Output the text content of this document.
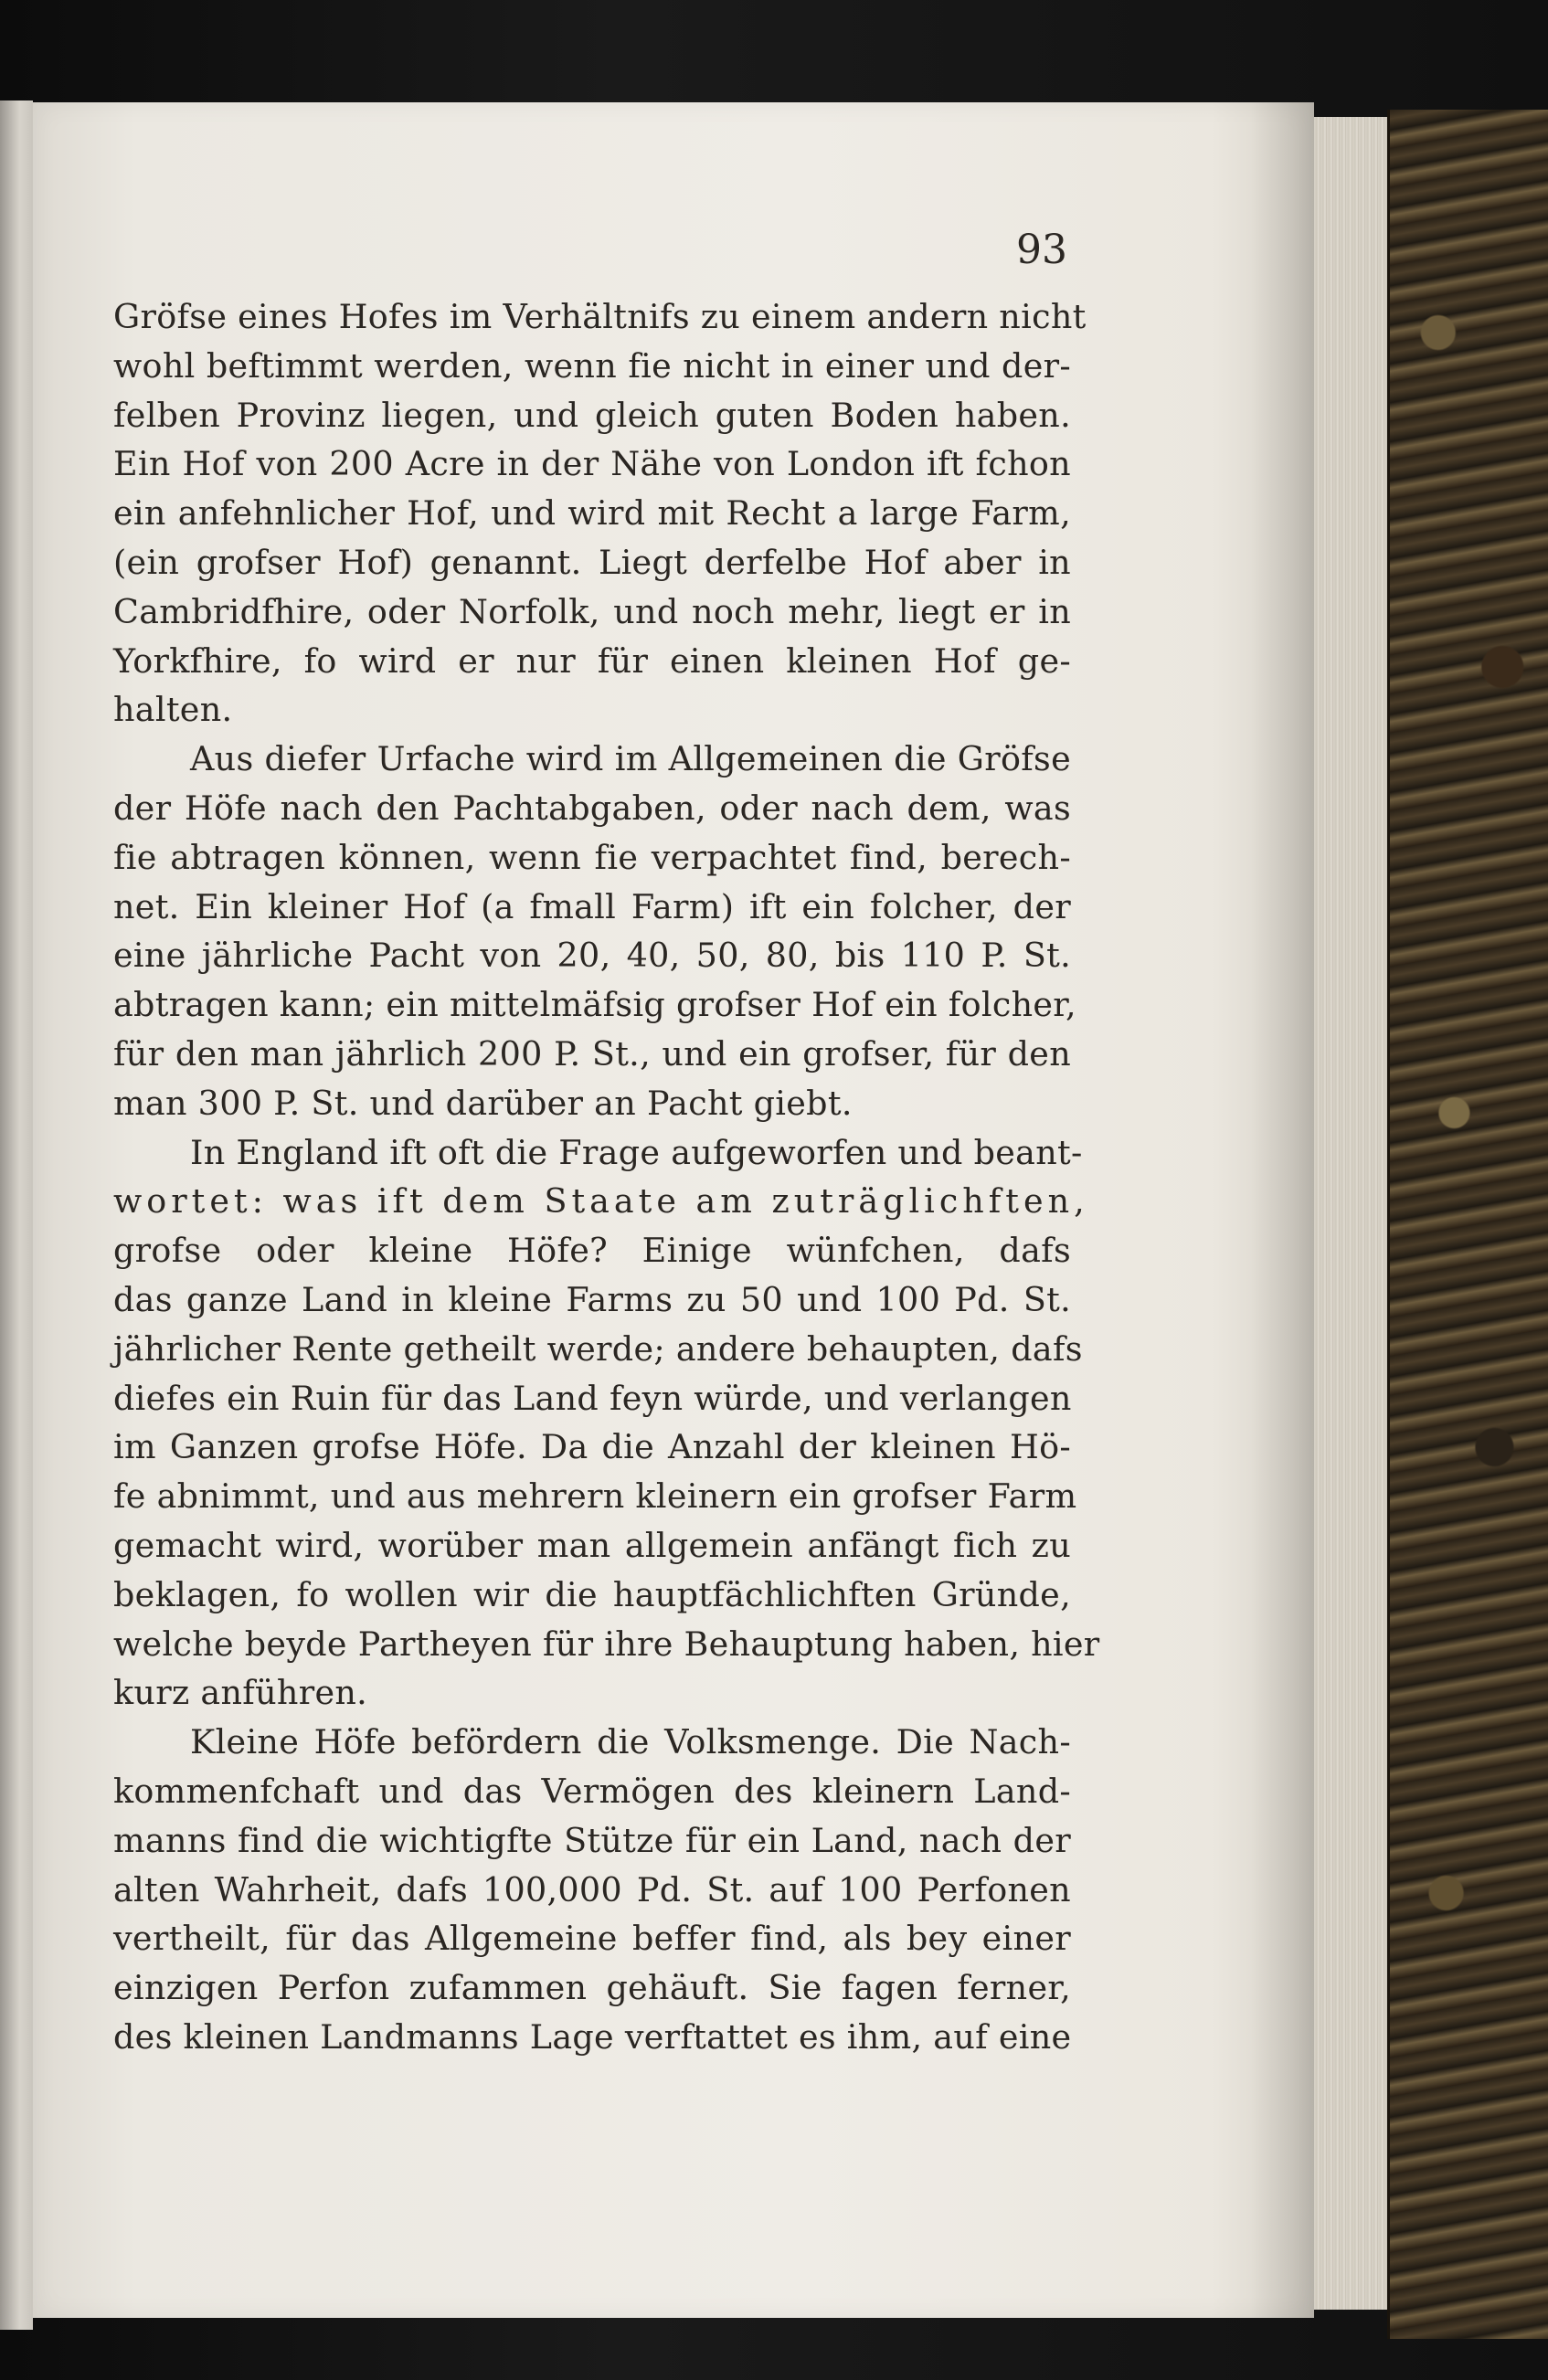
93
Gröfse eines Hofes im Verhältnifs zu einem andern nicht
wohl beftimmt werden, wenn fie nicht in einer und der-
felben Provinz liegen, und gleich guten Boden haben.
Ein Hof von 200 Acre in der Nähe von London ift fchon
ein anfehnlicher Hof, und wird mit Recht a large Farm,
(ein grofser Hof) genannt. Liegt derfelbe Hof aber in
Cambridfhire, oder Norfolk, und noch mehr, liegt er in
Yorkfhire, fo wird er nur für einen kleinen Hof ge-
halten.
Aus diefer Urfache wird im Allgemeinen die Gröfse
der Höfe nach den Pachtabgaben, oder nach dem, was
fie abtragen können, wenn fie verpachtet find, berech-
net. Ein kleiner Hof (a fmall Farm) ift ein folcher, der
eine jährliche Pacht von 20, 40, 50, 80, bis 110 P. St.
abtragen kann; ein mittelmäfsig grofser Hof ein folcher,
für den man jährlich 200 P. St., und ein grofser, für den
man 300 P. St. und darüber an Pacht giebt.
In England ift oft die Frage aufgeworfen und beant-
wortet: was ift dem Staate am zuträglichften,
grofse oder kleine Höfe? Einige wünfchen, dafs
das ganze Land in kleine Farms zu 50 und 100 Pd. St.
jährlicher Rente getheilt werde; andere behaupten, dafs
diefes ein Ruin für das Land feyn würde, und verlangen
im Ganzen grofse Höfe. Da die Anzahl der kleinen Hö-
fe abnimmt, und aus mehrern kleinern ein grofser Farm
gemacht wird, worüber man allgemein anfängt fich zu
beklagen, fo wollen wir die hauptfächlichften Gründe,
welche beyde Partheyen für ihre Behauptung haben, hier
kurz anführen.
Kleine Höfe befördern die Volksmenge. Die Nach-
kommenfchaft und das Vermögen des kleinern Land-
manns find die wichtigfte Stütze für ein Land, nach der
alten Wahrheit, dafs 100,000 Pd. St. auf 100 Perfonen
vertheilt, für das Allgemeine beffer find, als bey einer
einzigen Perfon zufammen gehäuft. Sie fagen ferner,
des kleinen Landmanns Lage verftattet es ihm, auf eine
